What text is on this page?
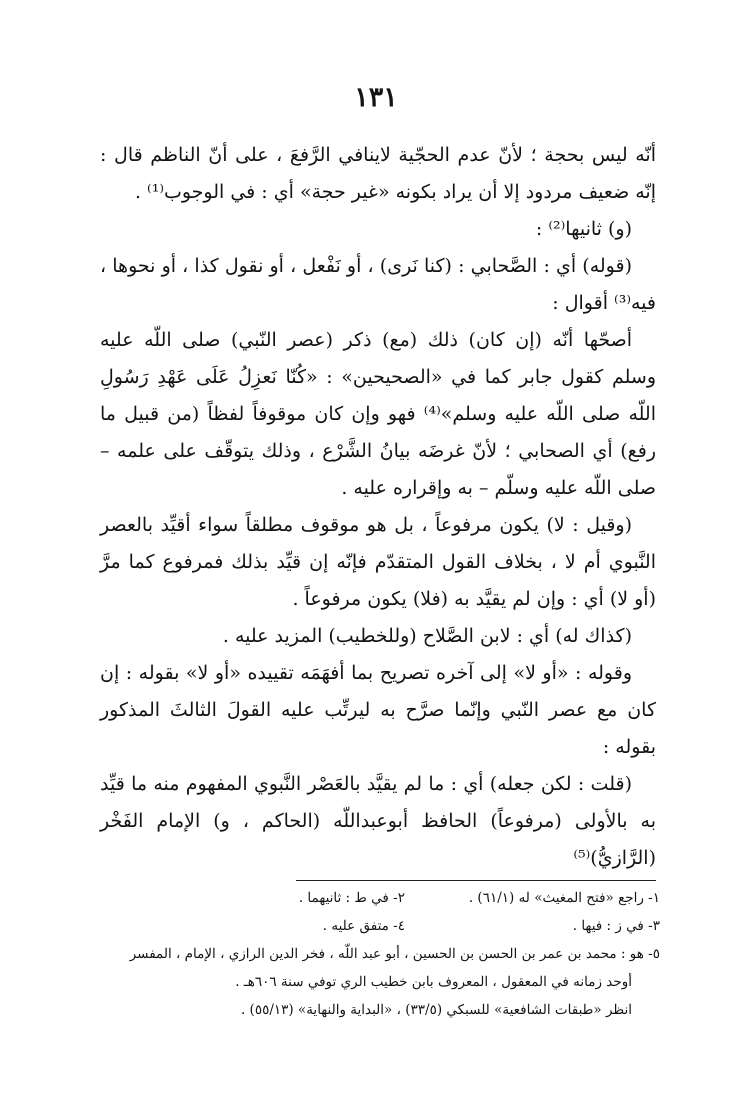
١٣١

أنّه ليس بحجة ؛ لأنّ عدم الحجّية لاينافي الرَّفعَ ، على أنّ الناظم قال : إنّه ضعيف مردود إلا أن يراد بكونه «غير حجة» أي : في الوجوب⁽¹⁾ .

(و) ثانيها⁽²⁾ :

(قوله) أي : الصَّحابي : (كنا نَرى) ، أو نَفْعل ، أو نقول كذا ، أو نحوها ، فيه⁽³⁾ أقوال :

أصحّها أنّه (إن كان) ذلك (مع) ذكر (عصر النّبي) صلى اللّه عليه وسلم كقول جابر كما في «الصحيحين» : «كُنّا نَعزِلُ عَلَى عَهْدِ رَسُولِ اللّه صلى اللّه عليه وسلم»⁽⁴⁾ فهو وإن كان موقوفاً لفظاً (من قبيل ما رفع) أي الصحابي ؛ لأنّ غرضَه بيانُ الشَّرْع ، وذلك يتوقّف على علمه – صلى اللّه عليه وسلّم – به وإقراره عليه .

(وقيل : لا) يكون مرفوعاً ، بل هو موقوف مطلقاً سواء أقيِّد بالعصر النَّبوي أم لا ، بخلاف القول المتقدّم فإنّه إن قيِّد بذلك فمرفوع كما مرَّ (أو لا) أي : وإن لم يقيَّد به (فلا) يكون مرفوعاً .

(كذاك له) أي : لابن الصَّلاح (وللخطيب) المزيد عليه .

وقوله : «أو لا» إلى آخره تصريح بما أفهَمَه تقييده «أو لا» بقوله : إن كان مع عصر النّبي وإنّما صرَّح به ليرتِّب عليه القولَ الثالثَ المذكور بقوله :

(قلت : لكن جعله) أي : ما لم يقيَّد بالعَصْر النَّبوي المفهوم منه ما قيِّد به بالأولى (مرفوعاً) الحافظ أبوعبداللّه (الحاكم ، و) الإمام الفَخْر (الرَّازيُّ)⁽⁵⁾

١- راجع «فتح المغيث» له (٦١/١) .
٢- في ط : ثانيهما .
٣- في ز : فيها .
٤- متفق عليه .

٥- هو : محمد بن عمر بن الحسن بن الحسين ، أبو عبد اللّه ، فخر الدين الرازي ، الإمام ، المفسر

أوحد زمانه في المعقول ، المعروف بابن خطيب الري توفي سنة ٦٠٦هـ .

انظر «طبقات الشافعية» للسبكي (٣٣/٥) ، «البداية والنهاية» (٥٥/١٣) .
